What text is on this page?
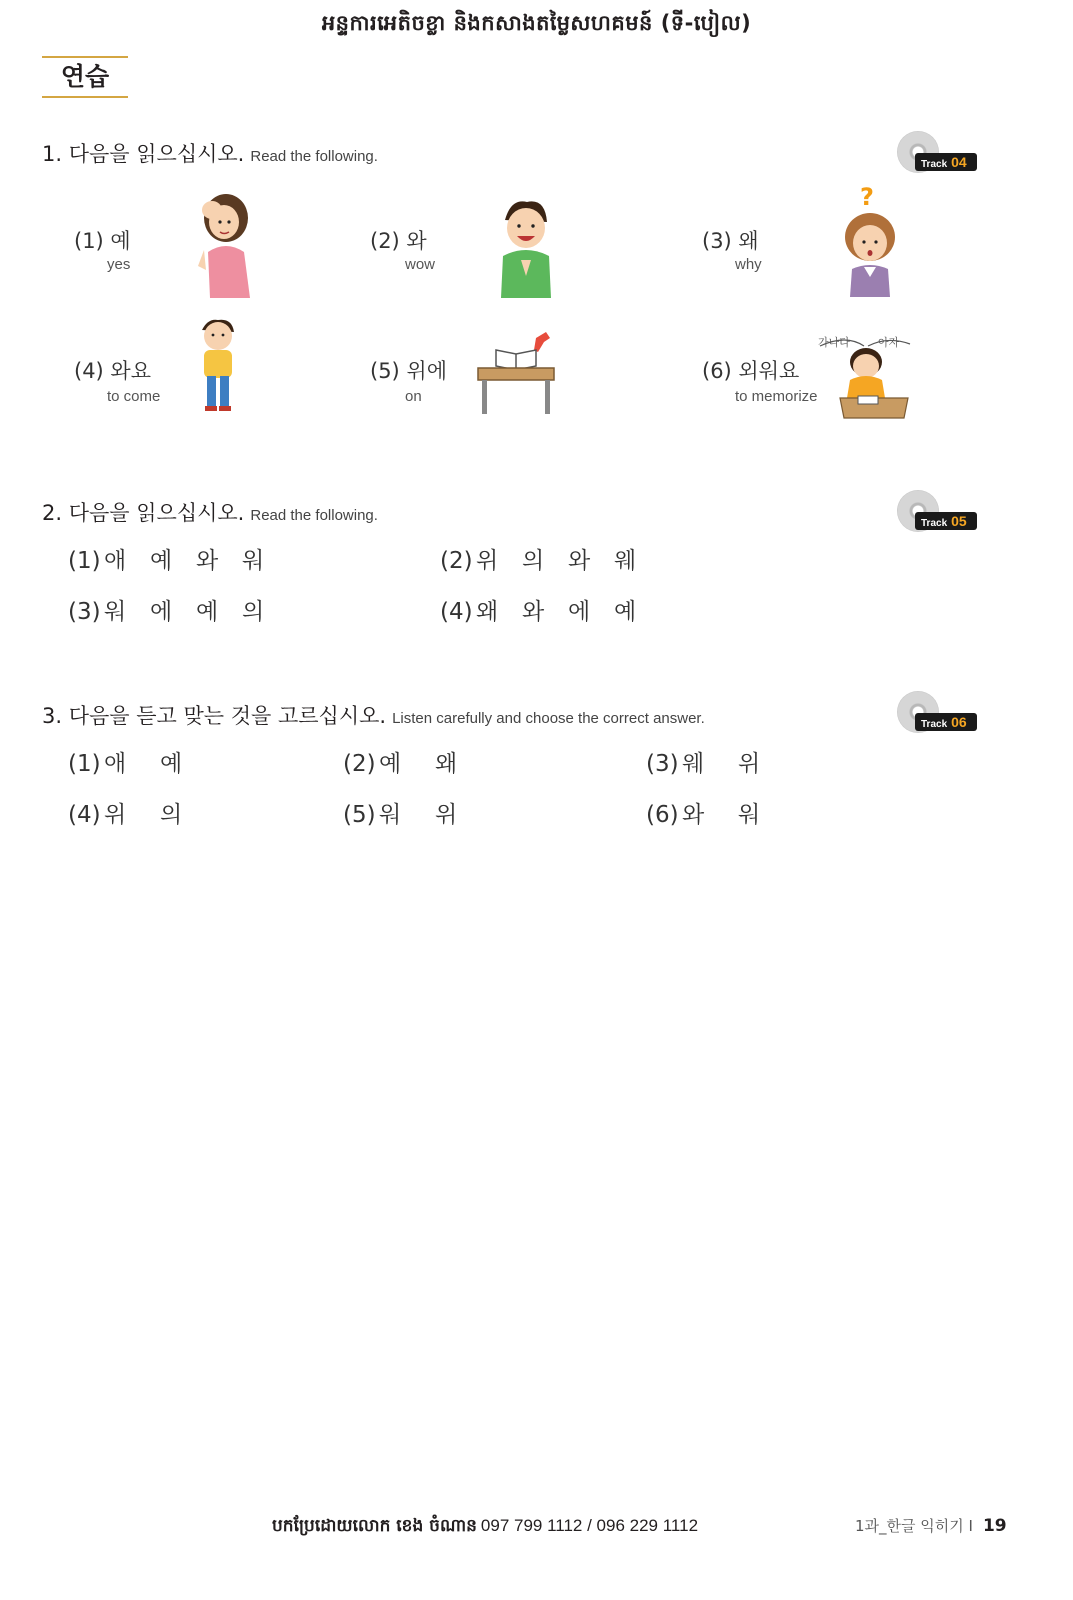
អន្ទការអេតិចខ្លា និងកសាងតម្លៃសហគមន៍ (ទី-បៀល)
연습
1. 다음을 읽으십시오. Read the following.	Track 04
(1) 예
yes
(2) 와
wow
(3) 왜
why
?
(4) 와요
to come
(5) 위에
on
(6) 외워요
to memorize
가나다	아자
2. 다음을 읽으십시오. Read the following.	Track 05
(1) 애 예 와 워	(2) 위 의 와 웨
(3) 워 에 예 의	(4) 왜 와 에 예
3. 다음을 듣고 맞는 것을 고르십시오. Listen carefully and choose the correct answer.	Track 06
(1) 애 예	(2) 예 왜	(3) 웨 위
(4) 위 의	(5) 워 위	(6) 와 워
បកប្រែដោយលោក ខេង ចំណាន 097 799 1112 / 096 229 1112	1과_한글 익히기 I 19
